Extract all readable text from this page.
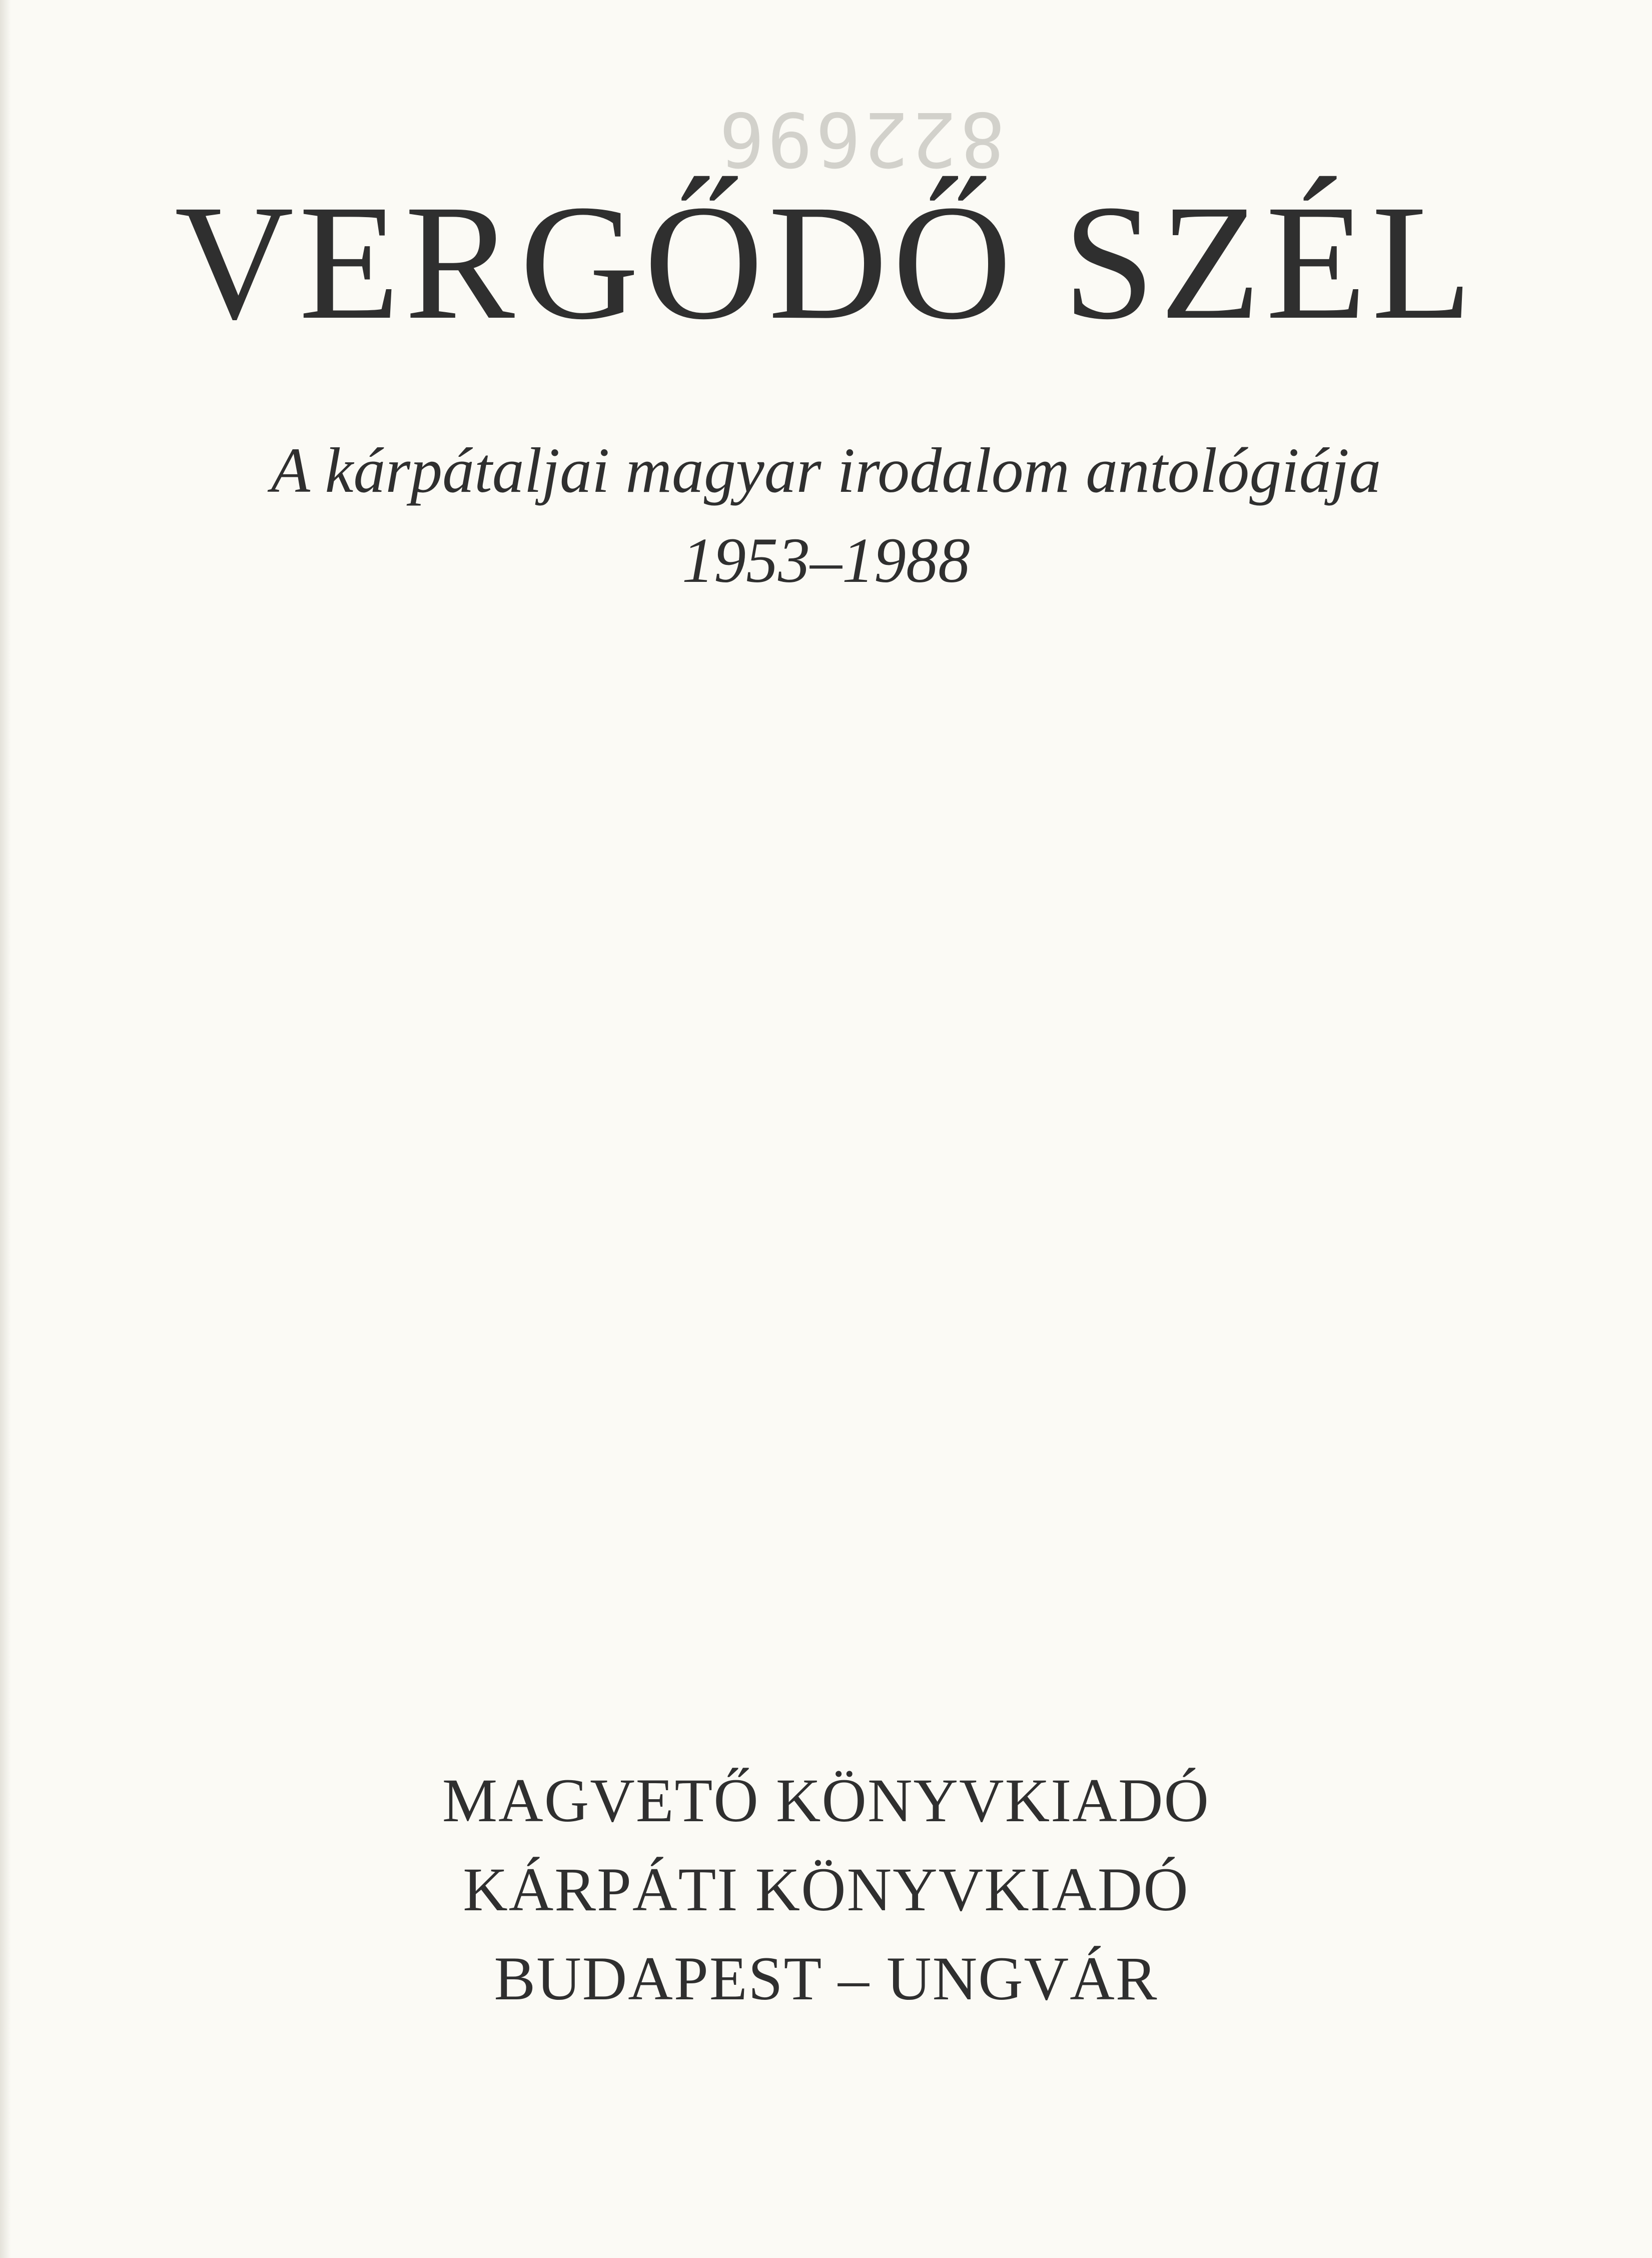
822696
VERGŐDŐ SZÉL
A kárpátaljai magyar irodalom antológiája
1953–1988
MAGVETŐ KÖNYVKIADÓ
KÁRPÁTI KÖNYVKIADÓ
BUDAPEST – UNGVÁR
